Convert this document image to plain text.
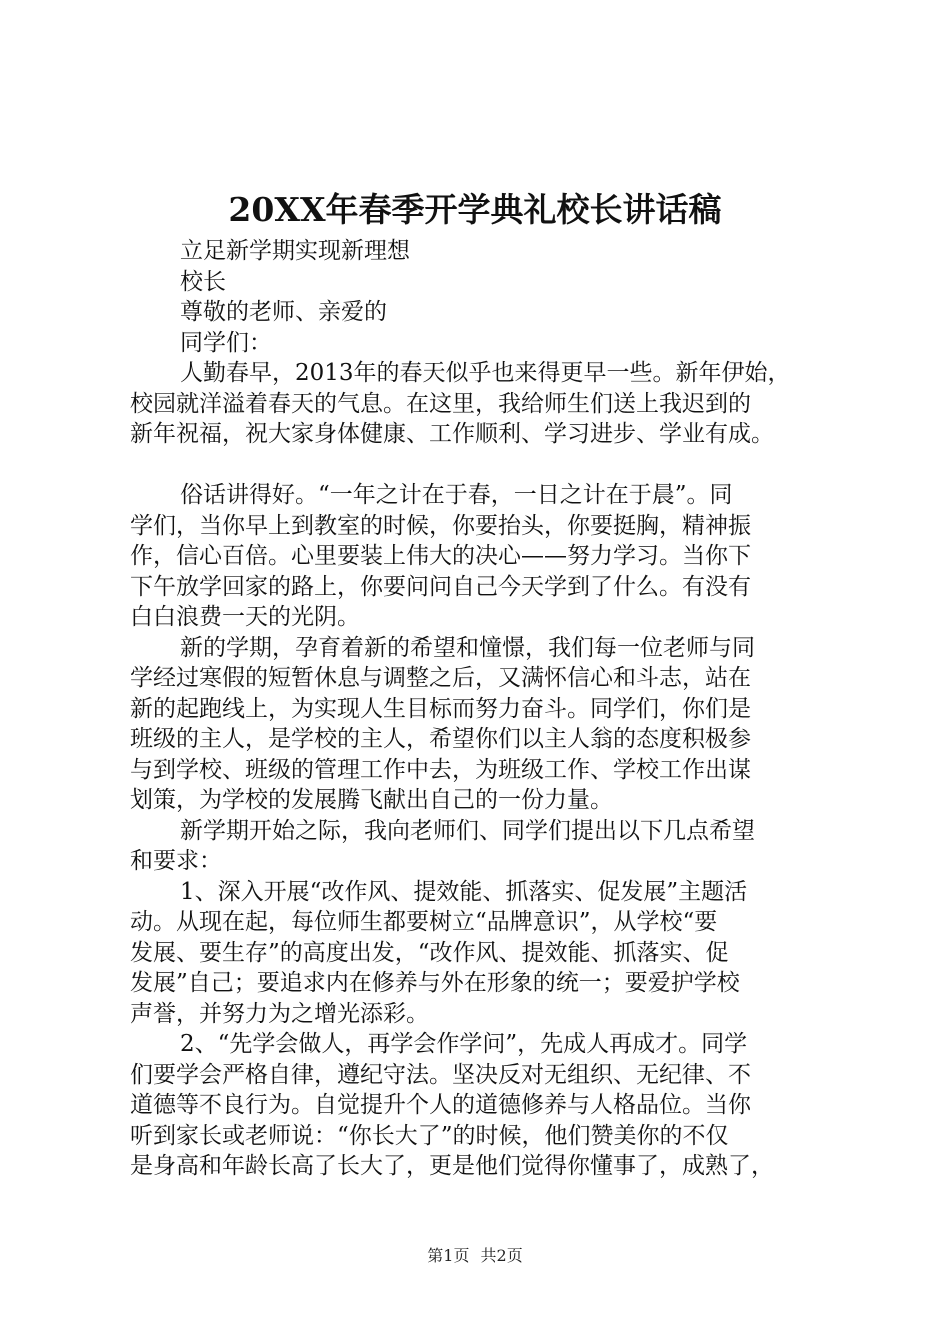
20XX年春季开学典礼校长讲话稿
立足新学期实现新理想
校长
尊敬的老师、亲爱的
同学们：
人勤春早，2013年的春天似乎也来得更早一些。新年伊始，
校园就洋溢着春天的气息。在这里，我给师生们送上我迟到的
新年祝福，祝大家身体健康、工作顺利、学习进步、学业有成。
俗话讲得好。“一年之计在于春，一日之计在于晨”。同
学们，当你早上到教室的时候，你要抬头，你要挺胸，精神振
作，信心百倍。心里要装上伟大的决心——努力学习。当你下
下午放学回家的路上，你要问问自己今天学到了什么。有没有
白白浪费一天的光阴。
新的学期，孕育着新的希望和憧憬，我们每一位老师与同
学经过寒假的短暂休息与调整之后，又满怀信心和斗志，站在
新的起跑线上，为实现人生目标而努力奋斗。同学们，你们是
班级的主人，是学校的主人，希望你们以主人翁的态度积极参
与到学校、班级的管理工作中去，为班级工作、学校工作出谋
划策，为学校的发展腾飞献出自己的一份力量。
新学期开始之际，我向老师们、同学们提出以下几点希望
和要求：
1、深入开展“改作风、提效能、抓落实、促发展”主题活
动。从现在起，每位师生都要树立“品牌意识”，从学校“要
发展、要生存”的高度出发，“改作风、提效能、抓落实、促
发展”自己；要追求内在修养与外在形象的统一；要爱护学校
声誉，并努力为之增光添彩。
2、“先学会做人，再学会作学问”，先成人再成才。同学
们要学会严格自律，遵纪守法。坚决反对无组织、无纪律、不
道德等不良行为。自觉提升个人的道德修养与人格品位。当你
听到家长或老师说：“你长大了”的时候，他们赞美你的不仅
是身高和年龄长高了长大了，更是他们觉得你懂事了，成熟了，
第1页 共2页
